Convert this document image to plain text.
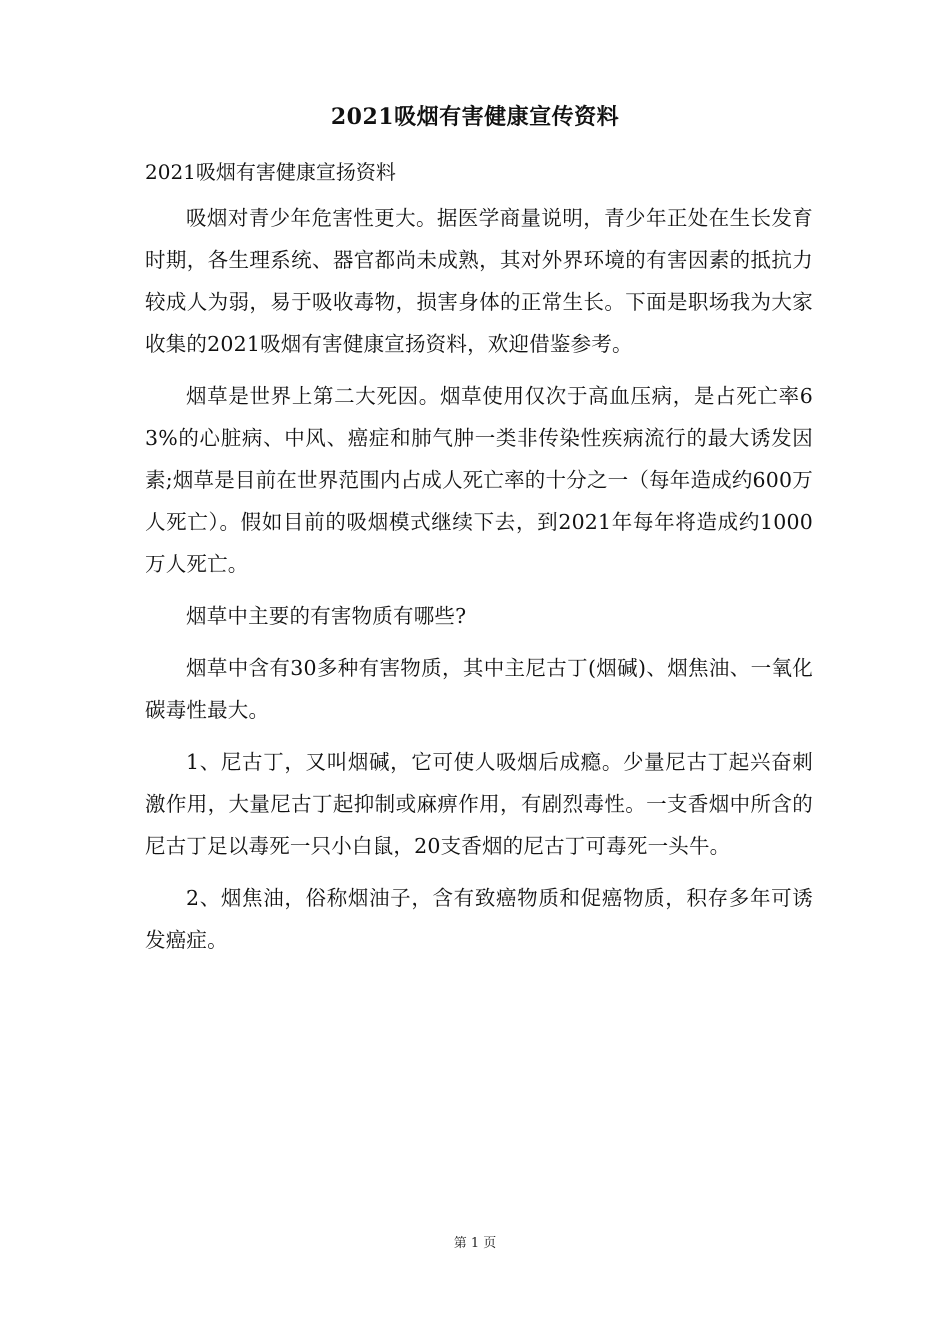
2021吸烟有害健康宣传资料
2021吸烟有害健康宣扬资料

吸烟对青少年危害性更大。据医学商量说明，青少年正处在生长发育时期，各生理系统、器官都尚未成熟，其对外界环境的有害因素的抵抗力较成人为弱，易于吸收毒物，损害身体的正常生长。下面是职场我为大家收集的2021吸烟有害健康宣扬资料，欢迎借鉴参考。

烟草是世界上第二大死因。烟草使用仅次于高血压病，是占死亡率63%的心脏病、中风、癌症和肺气肿一类非传染性疾病流行的最大诱发因素;烟草是目前在世界范围内占成人死亡率的十分之一（每年造成约600万人死亡）。假如目前的吸烟模式继续下去，到2021年每年将造成约1000万人死亡。

烟草中主要的有害物质有哪些?

烟草中含有30多种有害物质，其中主尼古丁(烟碱)、烟焦油、一氧化碳毒性最大。

1、尼古丁，又叫烟碱，它可使人吸烟后成瘾。少量尼古丁起兴奋刺激作用，大量尼古丁起抑制或麻痹作用，有剧烈毒性。一支香烟中所含的尼古丁足以毒死一只小白鼠，20支香烟的尼古丁可毒死一头牛。

2、烟焦油，俗称烟油子，含有致癌物质和促癌物质，积存多年可诱发癌症。

第 1 页
